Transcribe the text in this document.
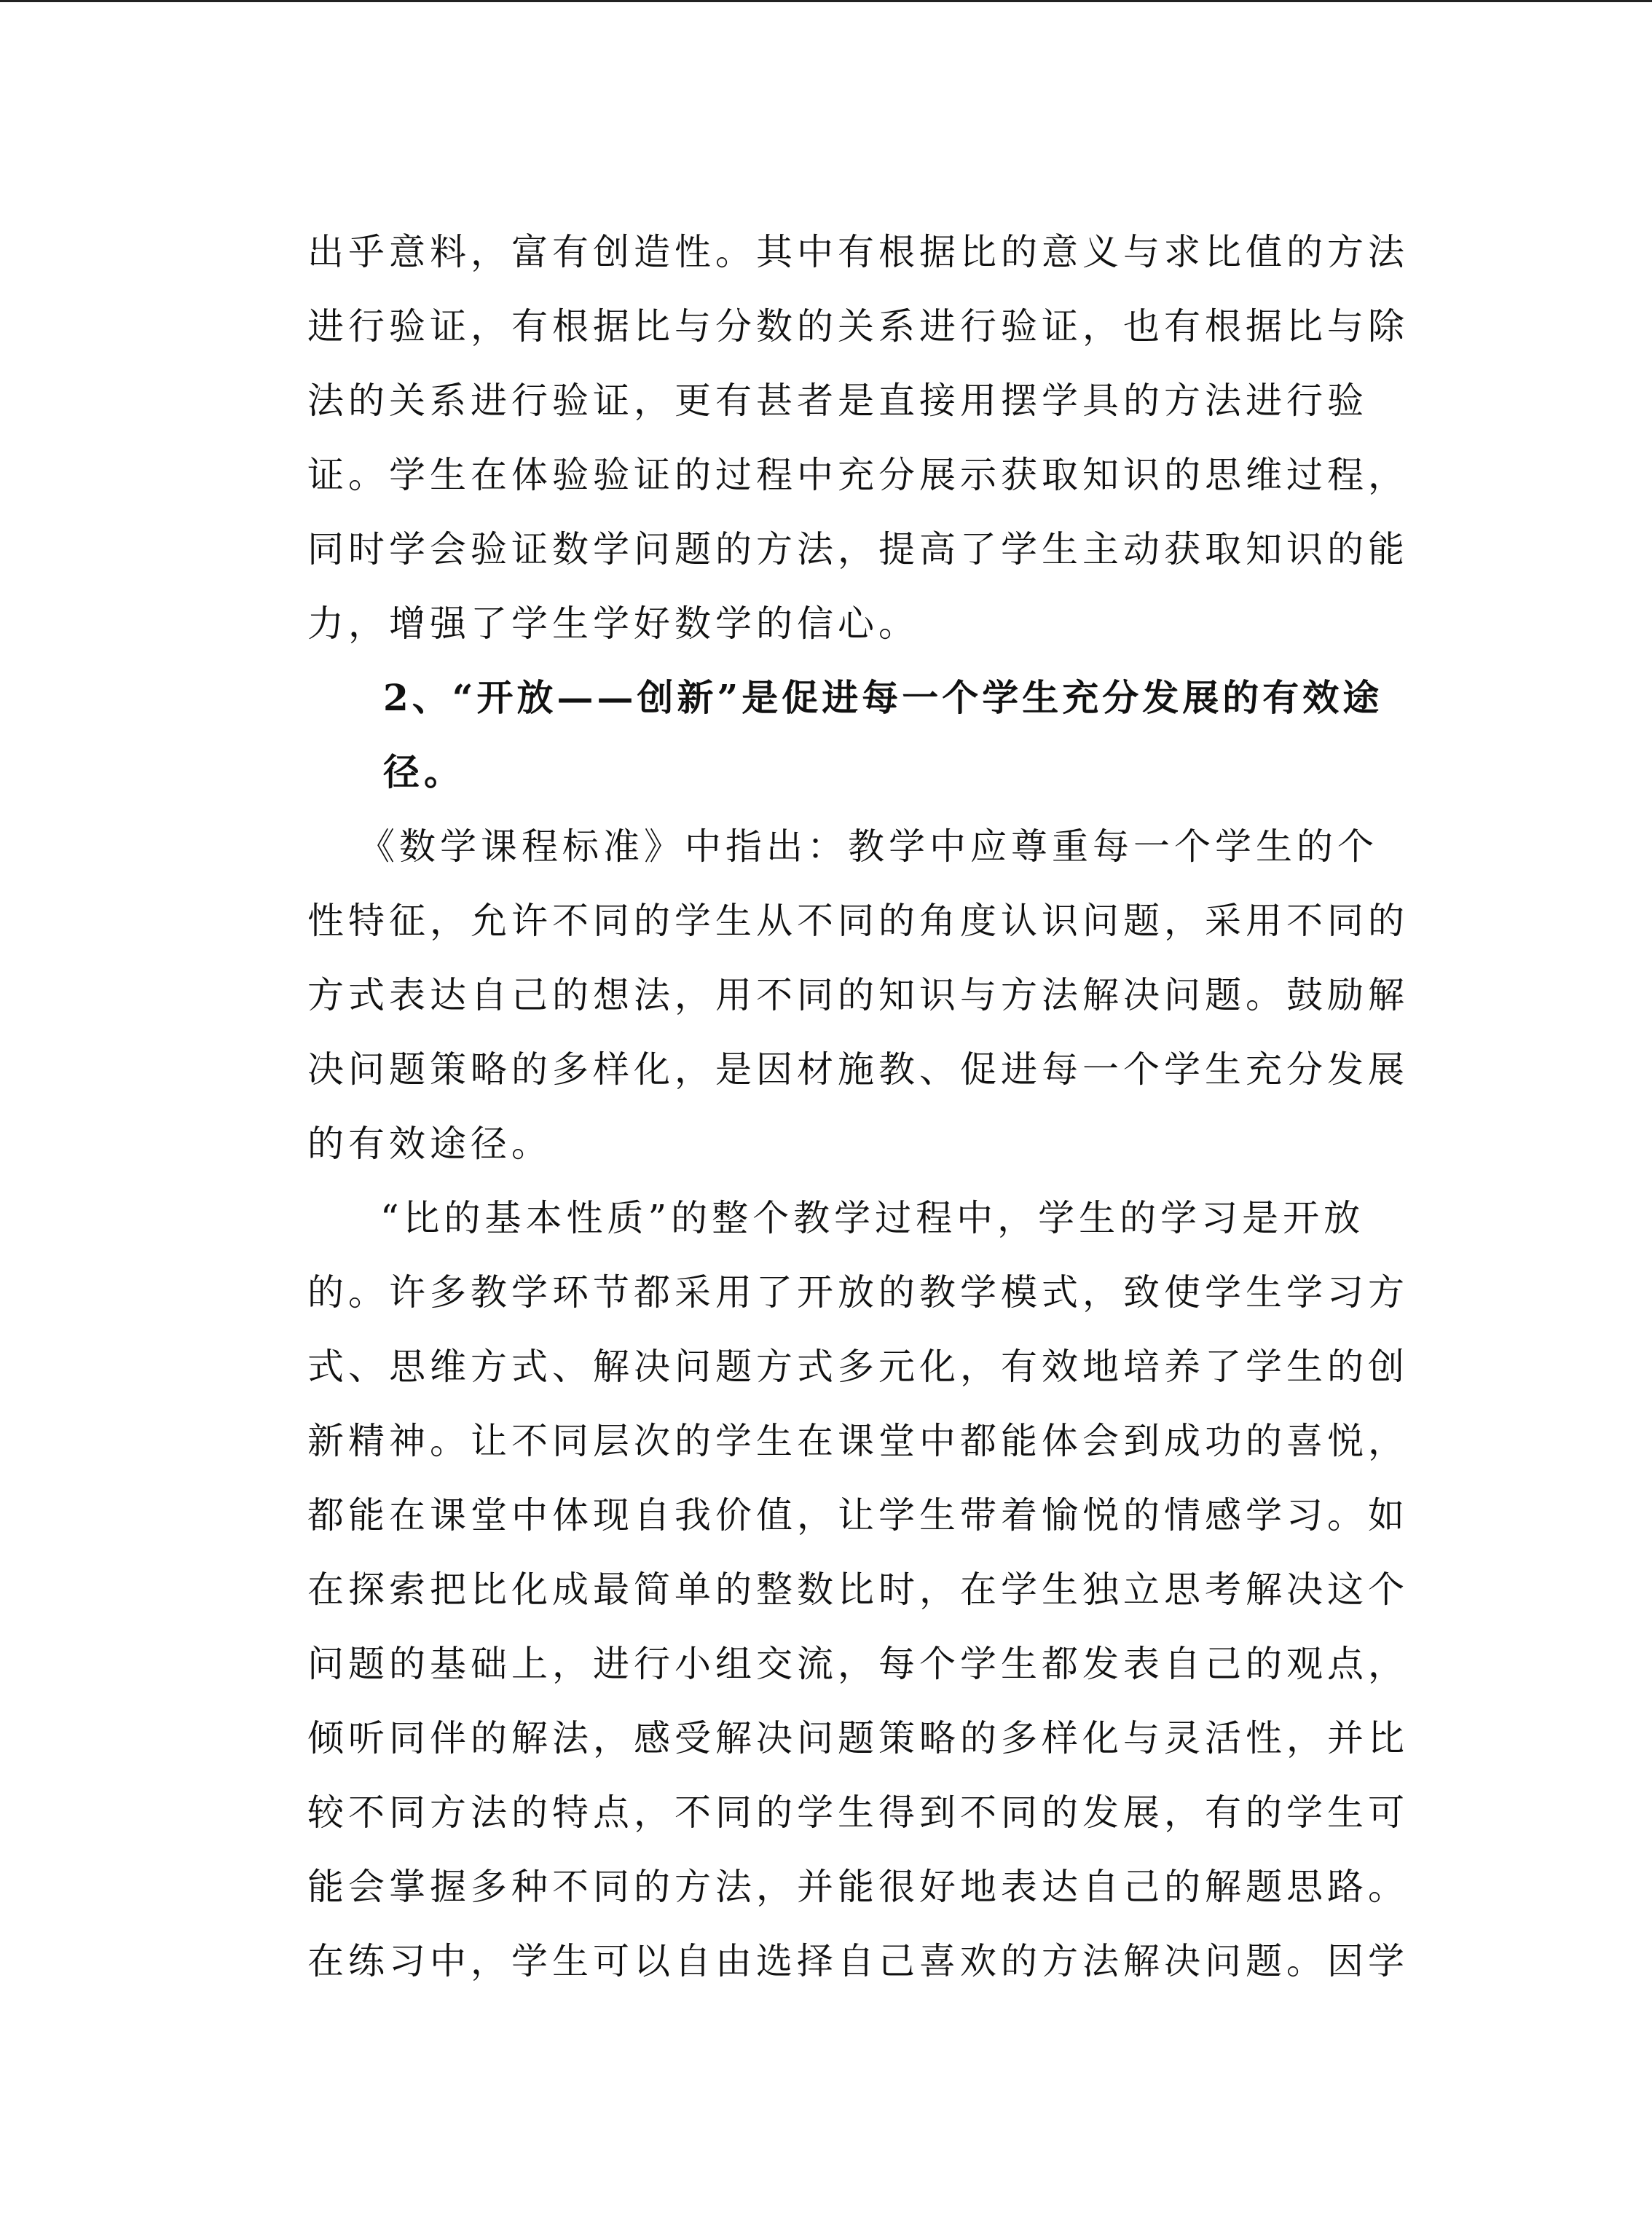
出乎意料，富有创造性。其中有根据比的意义与求比值的方法
进行验证，有根据比与分数的关系进行验证，也有根据比与除
法的关系进行验证，更有甚者是直接用摆学具的方法进行验
证。学生在体验验证的过程中充分展示获取知识的思维过程，
同时学会验证数学问题的方法，提高了学生主动获取知识的能
力，增强了学生学好数学的信心。
2、“开放——创新”是促进每一个学生充分发展的有效途
径。
《数学课程标准》中指出：教学中应尊重每一个学生的个
性特征，允许不同的学生从不同的角度认识问题，采用不同的
方式表达自己的想法，用不同的知识与方法解决问题。鼓励解
决问题策略的多样化，是因材施教、促进每一个学生充分发展
的有效途径。
“比的基本性质”的整个教学过程中，学生的学习是开放
的。许多教学环节都采用了开放的教学模式，致使学生学习方
式、思维方式、解决问题方式多元化，有效地培养了学生的创
新精神。让不同层次的学生在课堂中都能体会到成功的喜悦，
都能在课堂中体现自我价值，让学生带着愉悦的情感学习。如
在探索把比化成最简单的整数比时，在学生独立思考解决这个
问题的基础上，进行小组交流，每个学生都发表自己的观点，
倾听同伴的解法，感受解决问题策略的多样化与灵活性，并比
较不同方法的特点，不同的学生得到不同的发展，有的学生可
能会掌握多种不同的方法，并能很好地表达自己的解题思路。
在练习中，学生可以自由选择自己喜欢的方法解决问题。因学
